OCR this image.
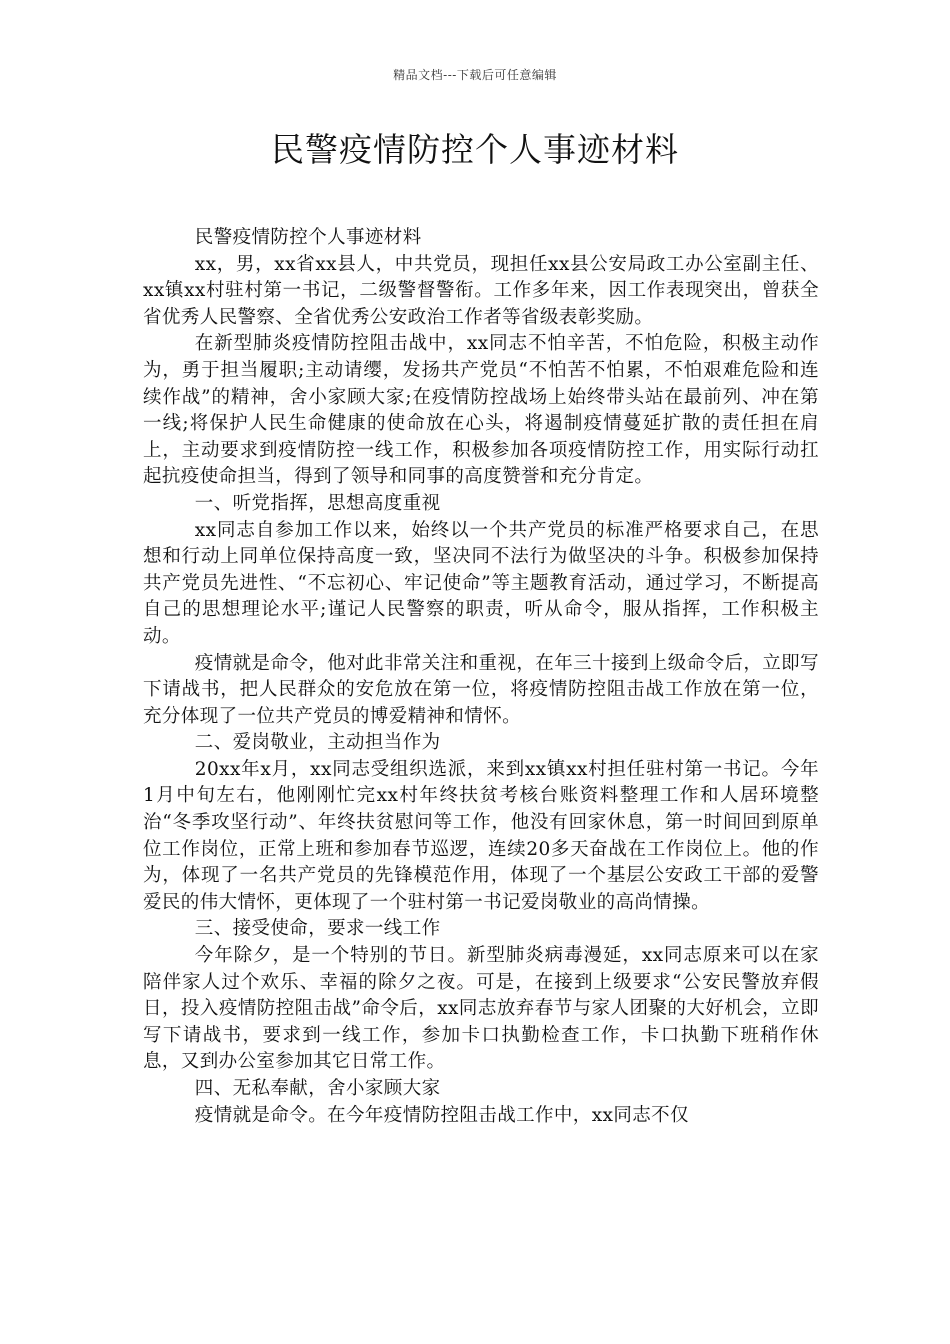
精品文档---下载后可任意编辑
民警疫情防控个人事迹材料

民警疫情防控个人事迹材料

xx，男，xx省xx县人，中共党员，现担任xx县公安局政工办公室副主任、xx镇xx村驻村第一书记，二级警督警衔。工作多年来，因工作表现突出，曾获全省优秀人民警察、全省优秀公安政治工作者等省级表彰奖励。

在新型肺炎疫情防控阻击战中，xx同志不怕辛苦，不怕危险，积极主动作为，勇于担当履职;主动请缨，发扬共产党员“不怕苦不怕累，不怕艰难危险和连续作战”的精神，舍小家顾大家;在疫情防控战场上始终带头站在最前列、冲在第一线;将保护人民生命健康的使命放在心头，将遏制疫情蔓延扩散的责任担在肩上，主动要求到疫情防控一线工作，积极参加各项疫情防控工作，用实际行动扛起抗疫使命担当，得到了领导和同事的高度赞誉和充分肯定。

一、听党指挥，思想高度重视

xx同志自参加工作以来，始终以一个共产党员的标准严格要求自己，在思想和行动上同单位保持高度一致，坚决同不法行为做坚决的斗争。积极参加保持共产党员先进性、“不忘初心、牢记使命”等主题教育活动，通过学习，不断提高自己的思想理论水平;谨记人民警察的职责，听从命令，服从指挥，工作积极主动。

疫情就是命令，他对此非常关注和重视，在年三十接到上级命令后，立即写下请战书，把人民群众的安危放在第一位，将疫情防控阻击战工作放在第一位，充分体现了一位共产党员的博爱精神和情怀。

二、爱岗敬业，主动担当作为

20xx年x月，xx同志受组织选派，来到xx镇xx村担任驻村第一书记。今年1月中旬左右，他刚刚忙完xx村年终扶贫考核台账资料整理工作和人居环境整治“冬季攻坚行动”、年终扶贫慰问等工作，他没有回家休息，第一时间回到原单位工作岗位，正常上班和参加春节巡逻，连续20多天奋战在工作岗位上。他的作为，体现了一名共产党员的先锋模范作用，体现了一个基层公安政工干部的爱警爱民的伟大情怀，更体现了一个驻村第一书记爱岗敬业的高尚情操。

三、接受使命，要求一线工作

今年除夕，是一个特别的节日。新型肺炎病毒漫延，xx同志原来可以在家陪伴家人过个欢乐、幸福的除夕之夜。可是，在接到上级要求“公安民警放弃假日，投入疫情防控阻击战”命令后，xx同志放弃春节与家人团聚的大好机会，立即写下请战书，要求到一线工作，参加卡口执勤检查工作，卡口执勤下班稍作休息，又到办公室参加其它日常工作。

四、无私奉献，舍小家顾大家

疫情就是命令。在今年疫情防控阻击战工作中，xx同志不仅
